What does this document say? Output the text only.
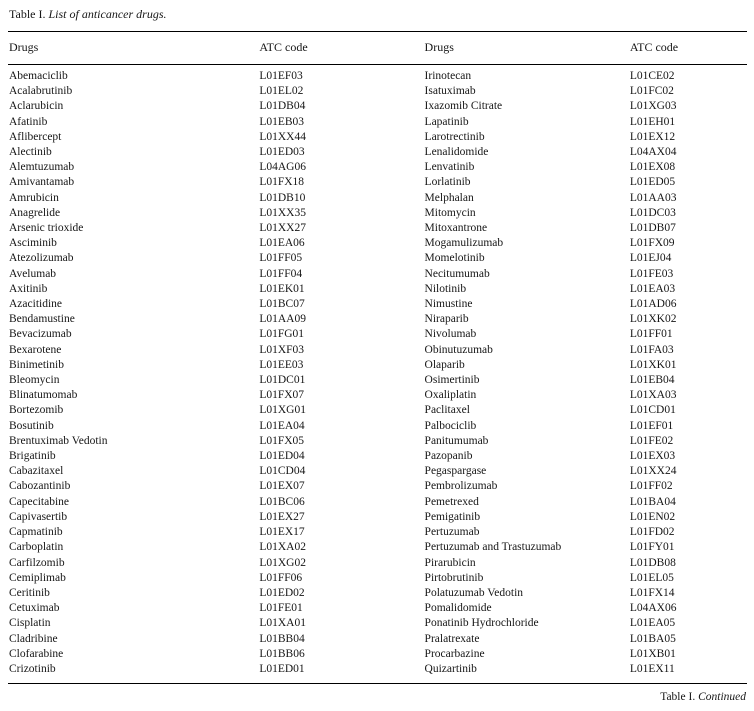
Table I. List of anticancer drugs.
Drugs	ATC code	Drugs	ATC code
Abemaciclib	L01EF03	Irinotecan	L01CE02
Acalabrutinib	L01EL02	Isatuximab	L01FC02
Aclarubicin	L01DB04	Ixazomib Citrate	L01XG03
Afatinib	L01EB03	Lapatinib	L01EH01
Aflibercept	L01XX44	Larotrectinib	L01EX12
Alectinib	L01ED03	Lenalidomide	L04AX04
Alemtuzumab	L04AG06	Lenvatinib	L01EX08
Amivantamab	L01FX18	Lorlatinib	L01ED05
Amrubicin	L01DB10	Melphalan	L01AA03
Anagrelide	L01XX35	Mitomycin	L01DC03
Arsenic trioxide	L01XX27	Mitoxantrone	L01DB07
Asciminib	L01EA06	Mogamulizumab	L01FX09
Atezolizumab	L01FF05	Momelotinib	L01EJ04
Avelumab	L01FF04	Necitumumab	L01FE03
Axitinib	L01EK01	Nilotinib	L01EA03
Azacitidine	L01BC07	Nimustine	L01AD06
Bendamustine	L01AA09	Niraparib	L01XK02
Bevacizumab	L01FG01	Nivolumab	L01FF01
Bexarotene	L01XF03	Obinutuzumab	L01FA03
Binimetinib	L01EE03	Olaparib	L01XK01
Bleomycin	L01DC01	Osimertinib	L01EB04
Blinatumomab	L01FX07	Oxaliplatin	L01XA03
Bortezomib	L01XG01	Paclitaxel	L01CD01
Bosutinib	L01EA04	Palbociclib	L01EF01
Brentuximab Vedotin	L01FX05	Panitumumab	L01FE02
Brigatinib	L01ED04	Pazopanib	L01EX03
Cabazitaxel	L01CD04	Pegaspargase	L01XX24
Cabozantinib	L01EX07	Pembrolizumab	L01FF02
Capecitabine	L01BC06	Pemetrexed	L01BA04
Capivasertib	L01EX27	Pemigatinib	L01EN02
Capmatinib	L01EX17	Pertuzumab	L01FD02
Carboplatin	L01XA02	Pertuzumab and Trastuzumab	L01FY01
Carfilzomib	L01XG02	Pirarubicin	L01DB08
Cemiplimab	L01FF06	Pirtobrutinib	L01EL05
Ceritinib	L01ED02	Polatuzumab Vedotin	L01FX14
Cetuximab	L01FE01	Pomalidomide	L04AX06
Cisplatin	L01XA01	Ponatinib Hydrochloride	L01EA05
Cladribine	L01BB04	Pralatrexate	L01BA05
Clofarabine	L01BB06	Procarbazine	L01XB01
Crizotinib	L01ED01	Quizartinib	L01EX11
Table I. Continued
